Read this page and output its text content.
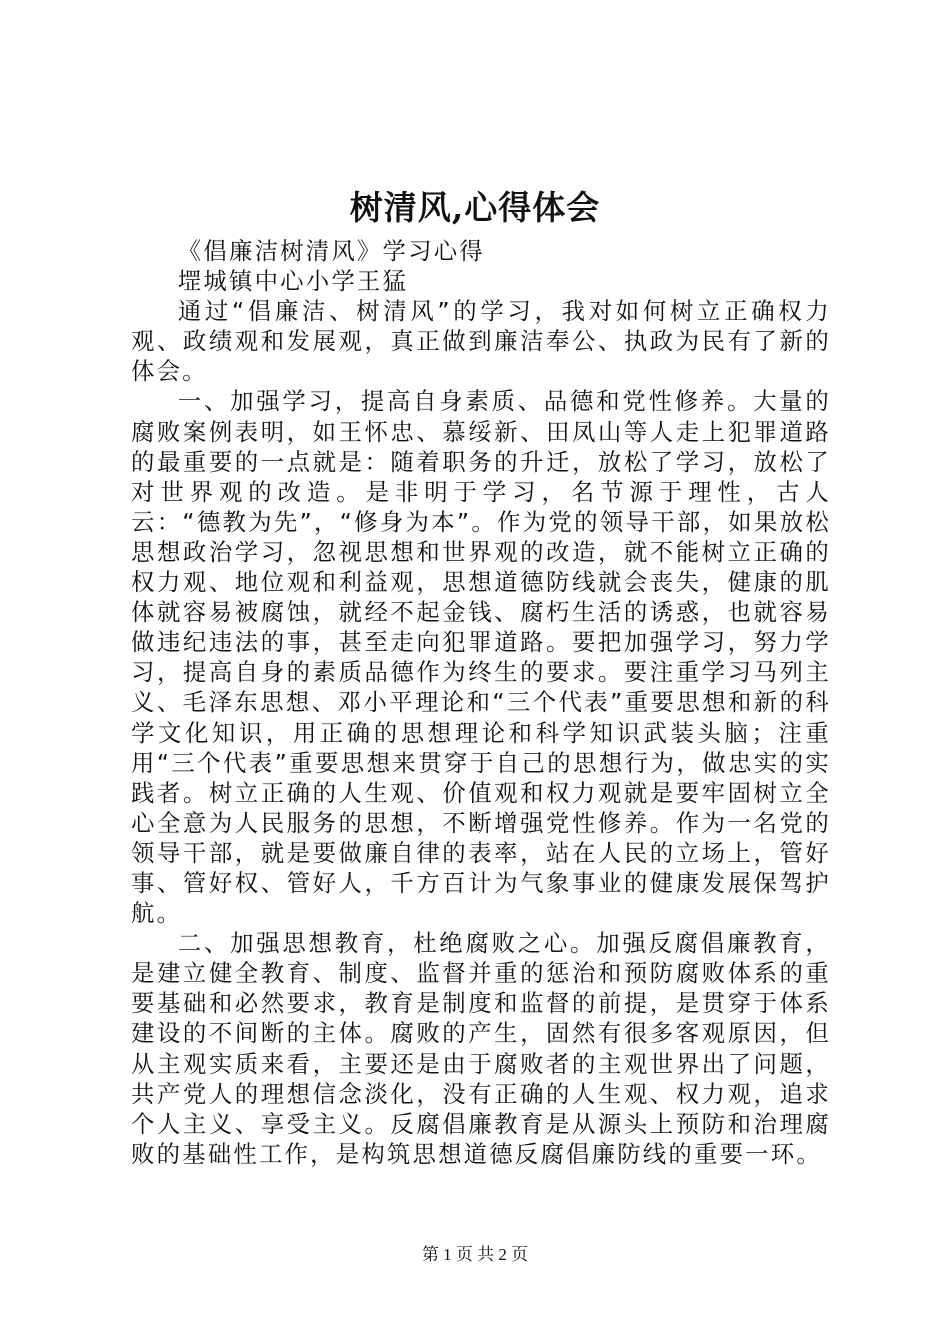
树清风,心得体会

《倡廉洁树清风》学习心得

堽城镇中心小学王猛

通过“倡廉洁、树清风”的学习，我对如何树立正确权力观、政绩观和发展观，真正做到廉洁奉公、执政为民有了新的体会。

一、加强学习，提高自身素质、品德和党性修养。大量的腐败案例表明，如王怀忠、慕绥新、田凤山等人走上犯罪道路的最重要的一点就是：随着职务的升迁，放松了学习，放松了对世界观的改造。是非明于学习，名节源于理性，古人云：“德教为先”，“修身为本”。作为党的领导干部，如果放松思想政治学习，忽视思想和世界观的改造，就不能树立正确的权力观、地位观和利益观，思想道德防线就会丧失，健康的肌体就容易被腐蚀，就经不起金钱、腐朽生活的诱惑，也就容易做违纪违法的事，甚至走向犯罪道路。要把加强学习，努力学习，提高自身的素质品德作为终生的要求。要注重学习马列主义、毛泽东思想、邓小平理论和“三个代表”重要思想和新的科学文化知识，用正确的思想理论和科学知识武装头脑；注重用“三个代表”重要思想来贯穿于自己的思想行为，做忠实的实践者。树立正确的人生观、价值观和权力观就是要牢固树立全心全意为人民服务的思想，不断增强党性修养。作为一名党的领导干部，就是要做廉自律的表率，站在人民的立场上，管好事、管好权、管好人，千方百计为气象事业的健康发展保驾护航。

二、加强思想教育，杜绝腐败之心。加强反腐倡廉教育，是建立健全教育、制度、监督并重的惩治和预防腐败体系的重要基础和必然要求，教育是制度和监督的前提，是贯穿于体系建设的不间断的主体。腐败的产生，固然有很多客观原因，但从主观实质来看，主要还是由于腐败者的主观世界出了问题，共产党人的理想信念淡化，没有正确的人生观、权力观，追求个人主义、享受主义。反腐倡廉教育是从源头上预防和治理腐败的基础性工作，是构筑思想道德反腐倡廉防线的重要一环。

第 1 页 共 2 页
